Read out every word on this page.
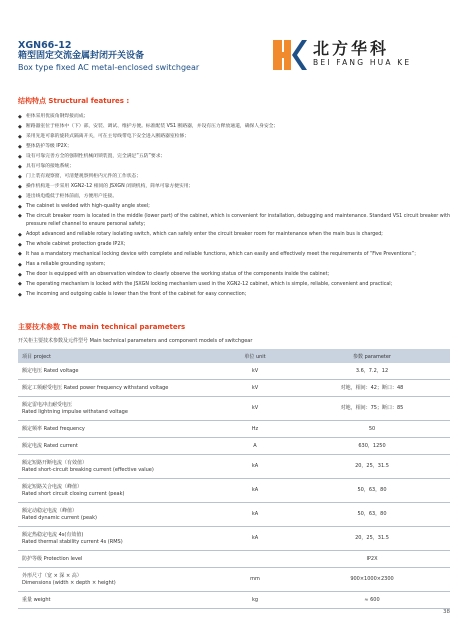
XGN66-12
箱型固定交流金属封闭开关设备
Box type fixed AC metal-enclosed switchgear
北方华科
BEI FANG HUA KE
结构特点 Structural features :
◆ 柜体采用优质角钢焊接而成；
◆ 断路器室位于柜体中（下）部，安装、调试、维护方便。标准配装 VS1 断路器，并设有压力释放通道，确保人身安全；
◆ 采用先进可靠的旋转式隔离开关，可在主母线带电下安全进入断路器室检修；
◆ 整体防护等级 IP2X；
◆ 设有可靠完善方全的强制性机械闭锁装置，完全满足“五防”要求；
◆ 具有可靠的接地系统；
◆ 门上装有观察窗，可清楚观察到柜内元件的工作状态；
◆ 操作机构进一步采用 XGN2-12 相同的 JSXGN 闭锁机构，简单可靠方便实用；
◆ 进出线电缆低于柜体前面，方便用户连接。
◆ The cabinet is welded with high-quality angle steel;
◆ The circuit breaker room is located in the middle (lower part) of the cabinet, which is convenient for installation, debugging and maintenance. Standard VS1 circuit breaker with pressure relief channel to ensure personal safety;
◆ Adopt advanced and reliable rotary isolating switch, which can safely enter the circuit breaker room for maintenance when the main bus is charged;
◆ The whole cabinet protection grade IP2X;
◆ It has a mandatory mechanical locking device with complete and reliable functions, which can easily and effectively meet the requirements of “Five Preventions”；
◆ Has a reliable grounding system;
◆ The door is equipped with an observation window to clearly observe the working status of the components inside the cabinet;
◆ The operating mechanism is locked with the JSXGN locking mechanism used in the XGN2-12 cabinet, which is simple, reliable, convenient and practical;
◆ The incoming and outgoing cable is lower than the front of the cabinet for easy connection;
主要技术参数 The main technical parameters
开关柜主要技术参数及元件型号 Main technical parameters and component models of switchgear
项目 project	单位 unit	参数 parameter

额定电压 Rated voltage	kV	3.6，7.2，12

额定工频耐受电压 Rated power frequency withstand voltage	kV	对地，相间：42；断口：48

额定雷电冲击耐受电压
Rated lightning impulse withstand voltage	kV	对地，相间：75；断口：85

额定频率 Rated frequency	Hz	50

额定电流 Rated current	A	630，1250

额定短路开断电流（有效值）
Rated short-circuit breaking current (effective value)	kA	20，25，31.5

额定短路关合电流（峰值）
Rated short circuit closing current (peak)	kA	50，63，80

额定动稳定电流（峰值）
Rated dynamic current (peak)	kA	50，63，80

额定热稳定电流 4s(有效值)
Rated thermal stability current 4s (RMS)	kA	20，25，31.5

防护等级 Protection level		IP2X

外形尺寸（宽 × 深 × 高）
Dimensions (width × depth × height)	mm	900×1000×2300

重量 weight	kg	≈ 600
38
